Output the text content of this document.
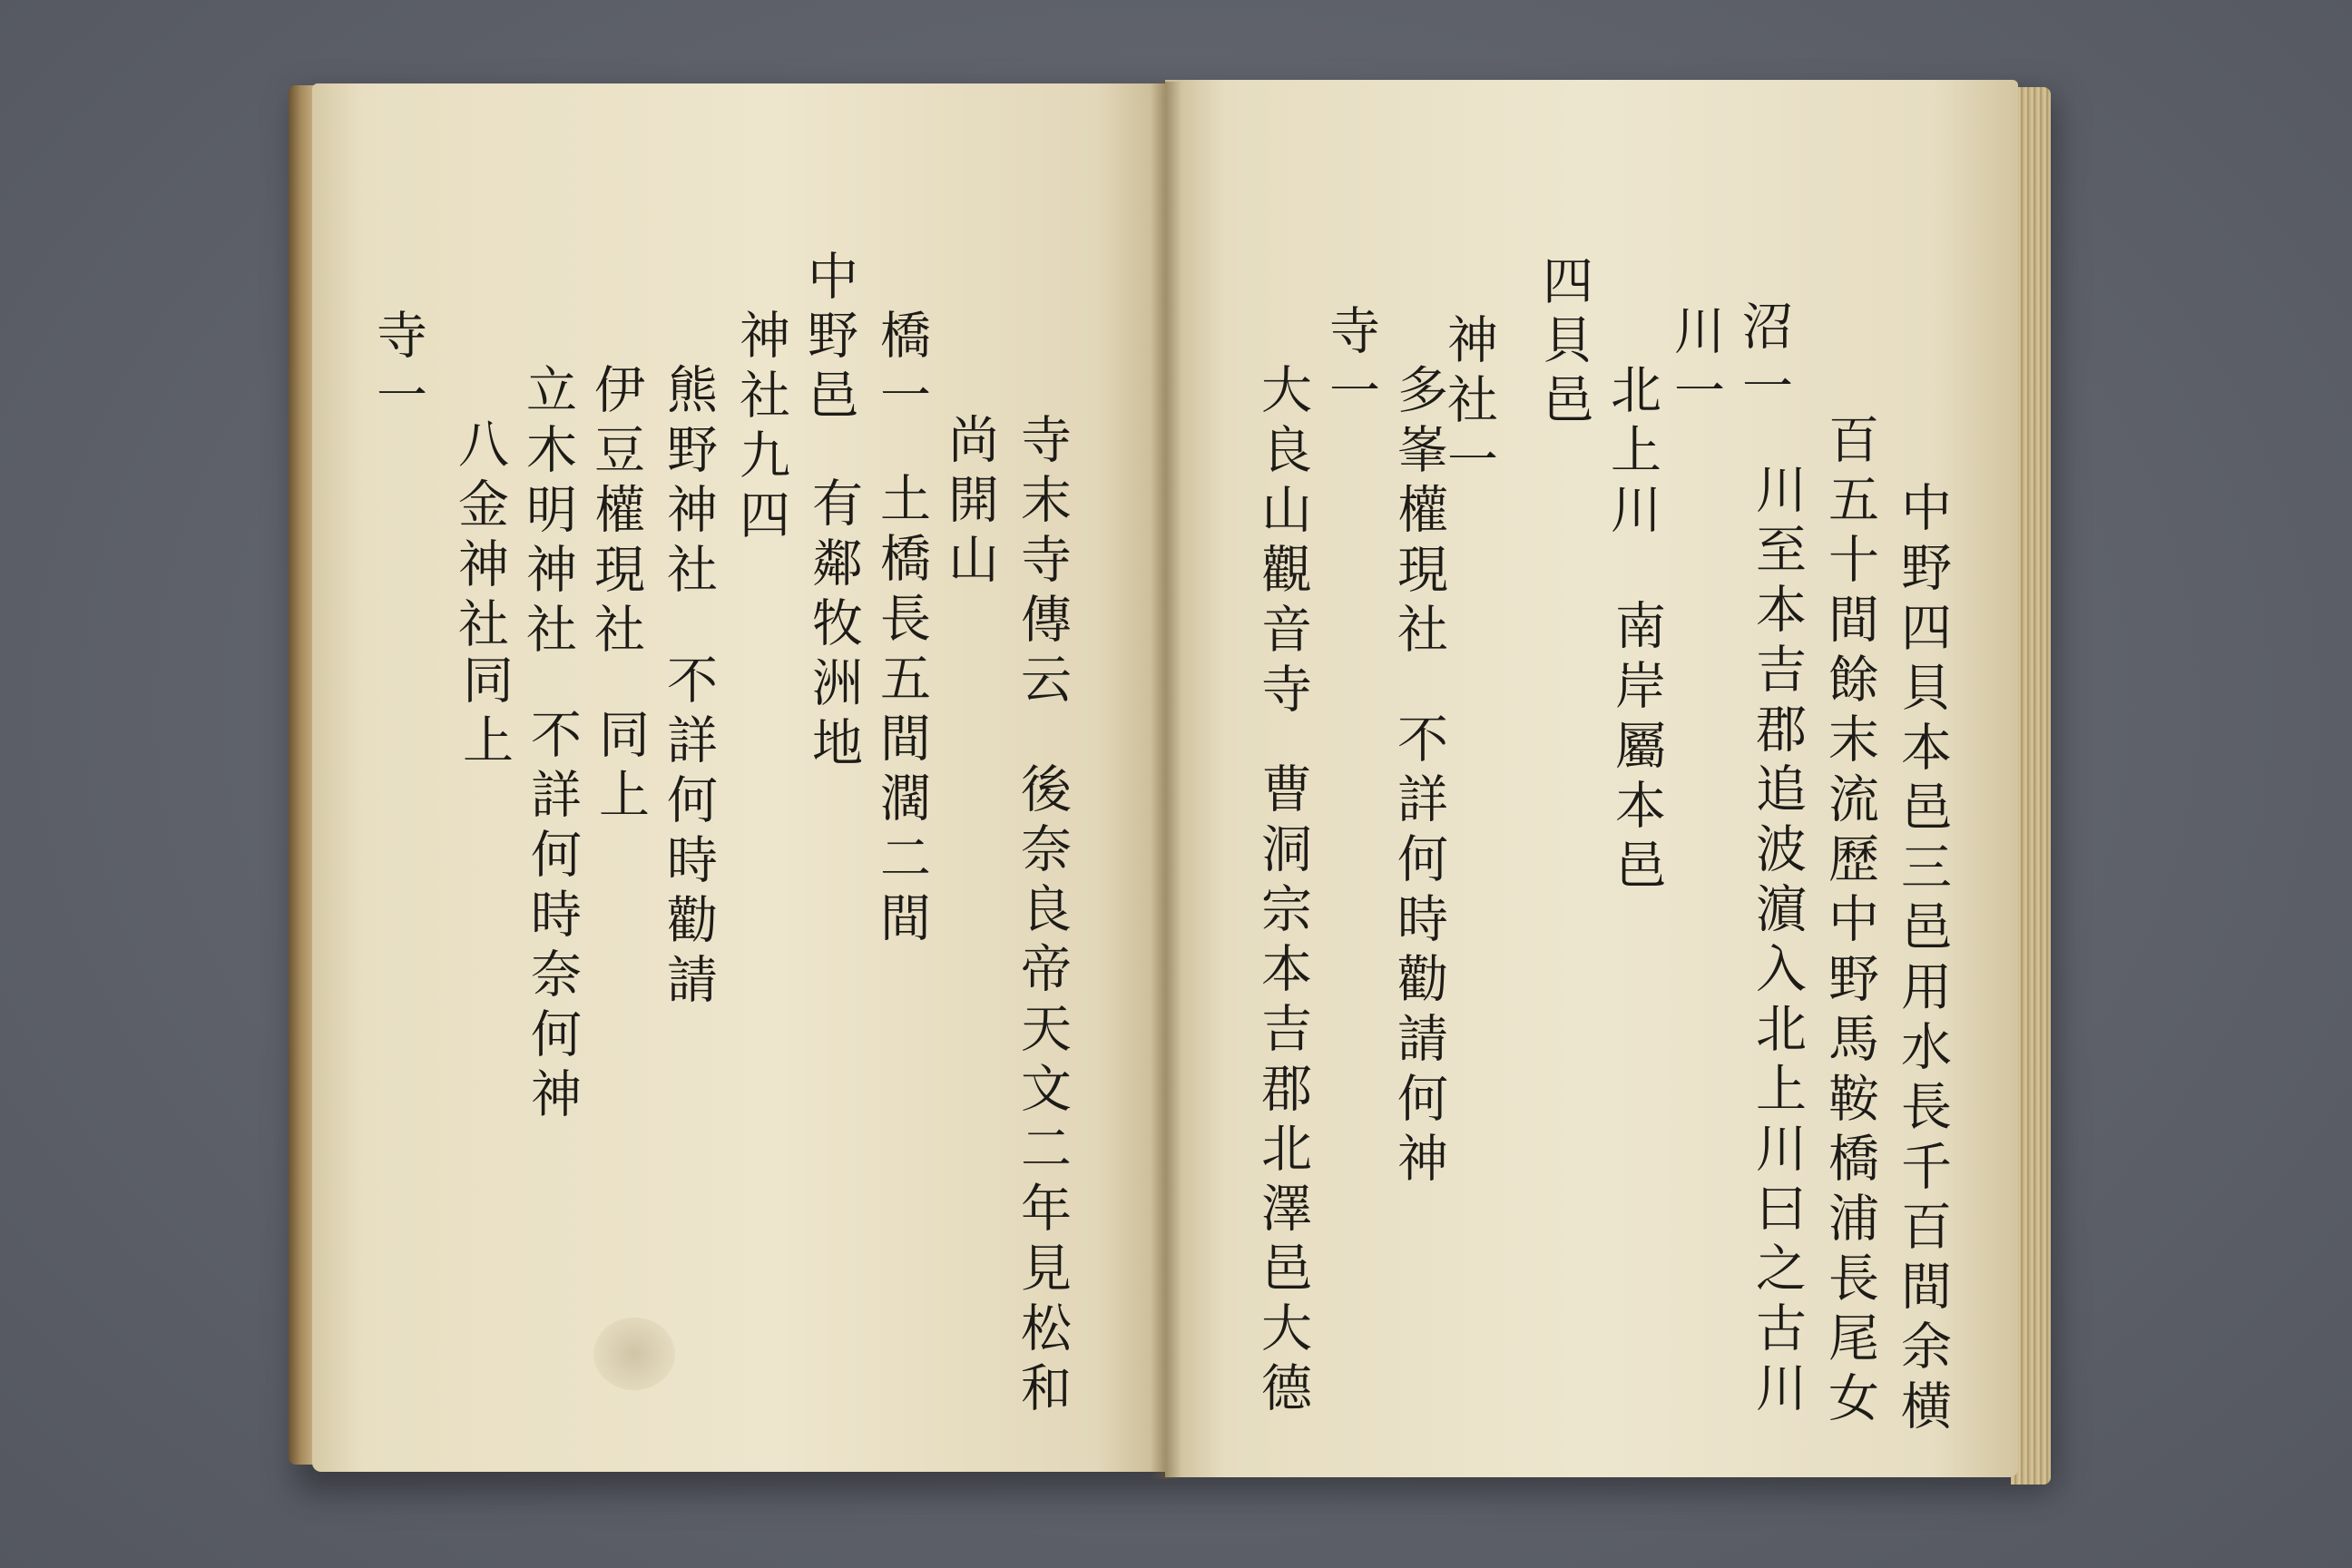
沼一
中野四貝本邑三邑用水長千百間余横
百五十間餘末流歷中野馬鞍橋浦長尾女
川至本吉郡追波濵入北上川曰之古川
川一
北上川
南岸屬本邑
四
貝邑
神社一
多峯權現社
不詳何時勸請何神
寺一
大良山觀音寺
曹洞宗本吉郡北澤邑大德
寺末寺傳云
後奈良帝天文二年見松和
尚開山
橋一
土橋長五間濶二間
中
野邑
有鄰牧洲地
神社九四
熊野神社
不詳何時勸請
伊豆權現社
同上
立木明神社
不詳何時奈何神
八金神社
同上
寺一
